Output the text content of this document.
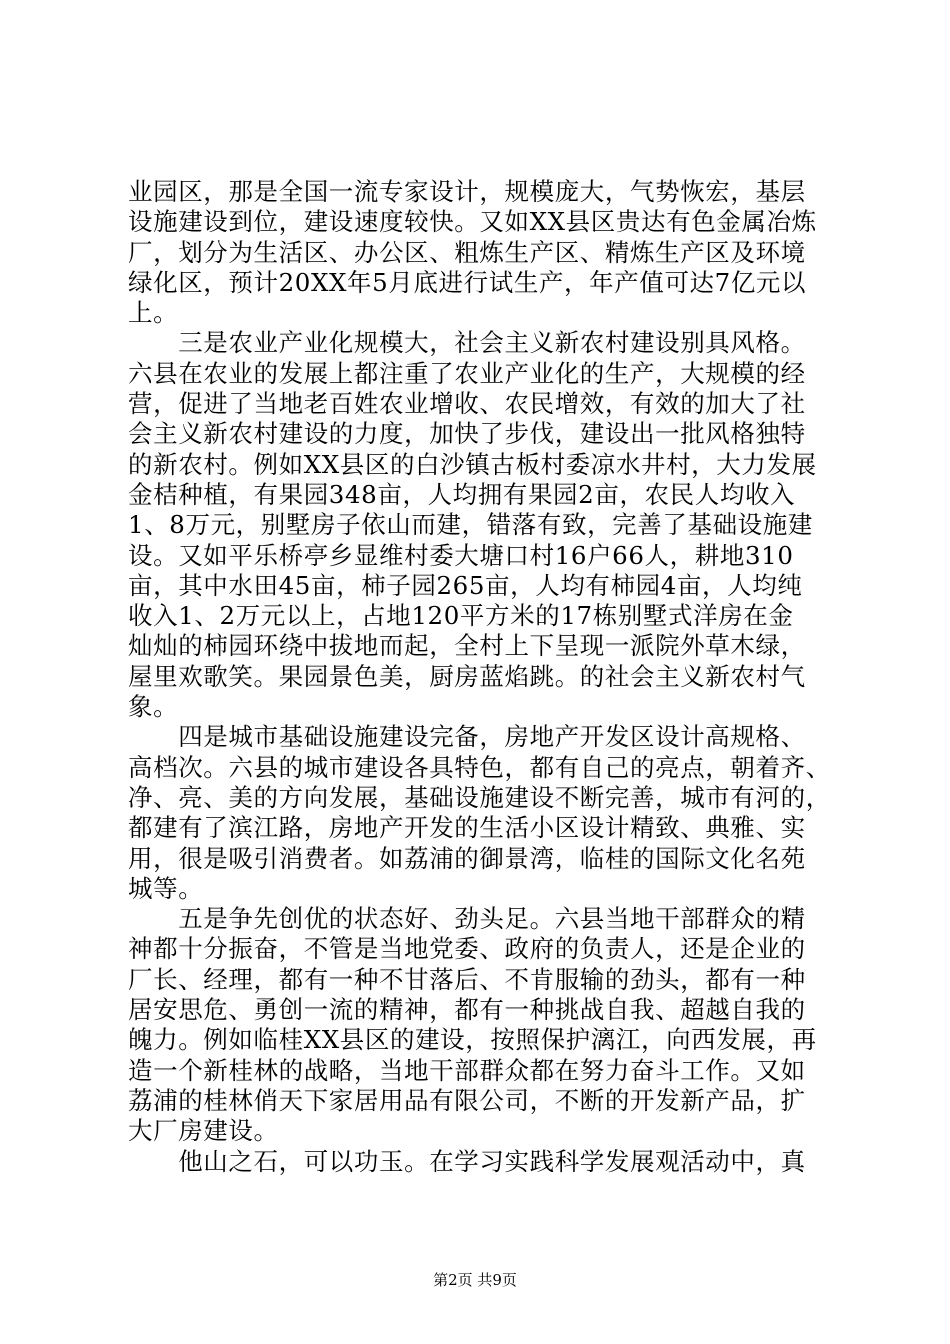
业园区，那是全国一流专家设计，规模庞大，气势恢宏，基层
设施建设到位，建设速度较快。又如XX县区贵达有色金属冶炼
厂，划分为生活区、办公区、粗炼生产区、精炼生产区及环境
绿化区，预计20XX年5月底进行试生产，年产值可达7亿元以
上。
　　三是农业产业化规模大，社会主义新农村建设别具风格。
六县在农业的发展上都注重了农业产业化的生产，大规模的经
营，促进了当地老百姓农业增收、农民增效，有效的加大了社
会主义新农村建设的力度，加快了步伐，建设出一批风格独特
的新农村。例如XX县区的白沙镇古板村委凉水井村，大力发展
金桔种植，有果园348亩，人均拥有果园2亩，农民人均收入
1、8万元，别墅房子依山而建，错落有致，完善了基础设施建
设。又如平乐桥亭乡显维村委大塘口村16户66人，耕地310
亩，其中水田45亩，柿子园265亩，人均有柿园4亩，人均纯
收入1、2万元以上，占地120平方米的17栋别墅式洋房在金
灿灿的柿园环绕中拔地而起，全村上下呈现一派院外草木绿，
屋里欢歌笑。果园景色美，厨房蓝焰跳。的社会主义新农村气
象。
　　四是城市基础设施建设完备，房地产开发区设计高规格、
高档次。六县的城市建设各具特色，都有自己的亮点，朝着齐、
净、亮、美的方向发展，基础设施建设不断完善，城市有河的，
都建有了滨江路，房地产开发的生活小区设计精致、典雅、实
用，很是吸引消费者。如荔浦的御景湾，临桂的国际文化名苑
城等。
　　五是争先创优的状态好、劲头足。六县当地干部群众的精
神都十分振奋，不管是当地党委、政府的负责人，还是企业的
厂长、经理，都有一种不甘落后、不肯服输的劲头，都有一种
居安思危、勇创一流的精神，都有一种挑战自我、超越自我的
魄力。例如临桂XX县区的建设，按照保护漓江，向西发展，再
造一个新桂林的战略，当地干部群众都在努力奋斗工作。又如
荔浦的桂林俏天下家居用品有限公司，不断的开发新产品，扩
大厂房建设。
　　他山之石，可以功玉。在学习实践科学发展观活动中，真
第2页 共9页
